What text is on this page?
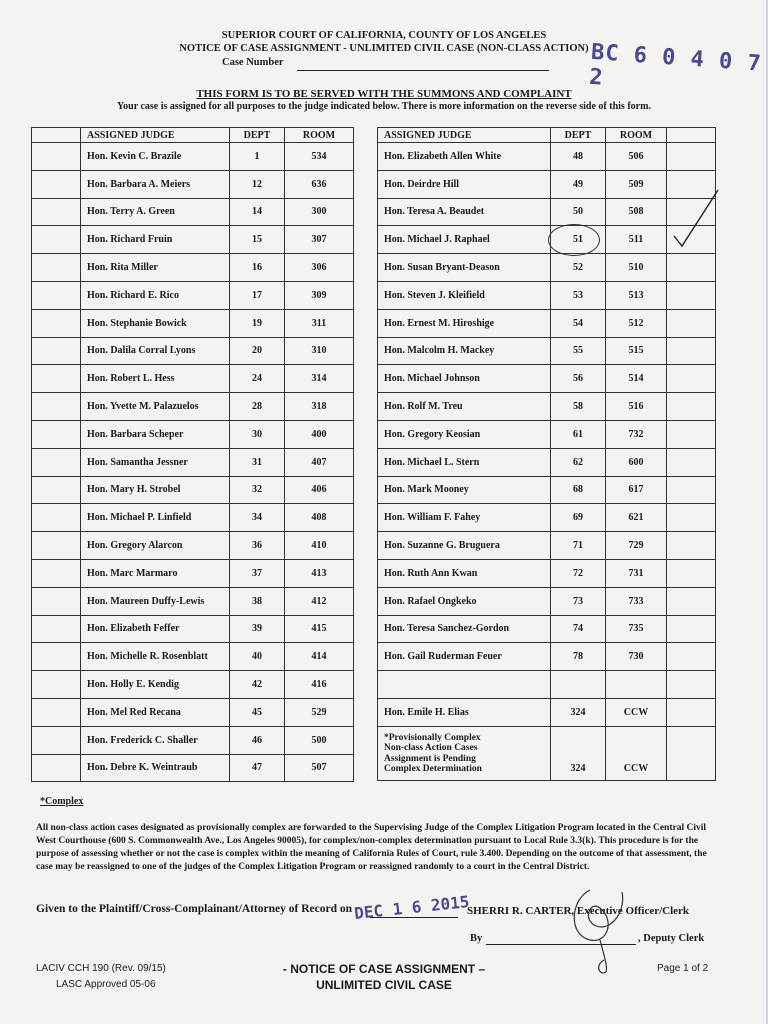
SUPERIOR COURT OF CALIFORNIA, COUNTY OF LOS ANGELES
NOTICE OF CASE ASSIGNMENT - UNLIMITED CIVIL CASE (NON-CLASS ACTION)
Case Number	BC 6 0 4 0 7 2
THIS FORM IS TO BE SERVED WITH THE SUMMONS AND COMPLAINT
Your case is assigned for all purposes to the judge indicated below. There is more information on the reverse side of this form.
	ASSIGNED JUDGE	DEPT	ROOM
	Hon. Kevin C. Brazile	1	534
	Hon. Barbara A. Meiers	12	636
	Hon. Terry A. Green	14	300
	Hon. Richard Fruin	15	307
	Hon. Rita Miller	16	306
	Hon. Richard E. Rico	17	309
	Hon. Stephanie Bowick	19	311
	Hon. Dalila Corral Lyons	20	310
	Hon. Robert L. Hess	24	314
	Hon. Yvette M. Palazuelos	28	318
	Hon. Barbara Scheper	30	400
	Hon. Samantha Jessner	31	407
	Hon. Mary H. Strobel	32	406
	Hon. Michael P. Linfield	34	408
	Hon. Gregory Alarcon	36	410
	Hon. Marc Marmaro	37	413
	Hon. Maureen Duffy-Lewis	38	412
	Hon. Elizabeth Feffer	39	415
	Hon. Michelle R. Rosenblatt	40	414
	Hon. Holly E. Kendig	42	416
	Hon. Mel Red Recana	45	529
	Hon. Frederick C. Shaller	46	500
	Hon. Debre K. Weintraub	47	507
ASSIGNED JUDGE	DEPT	ROOM	
Hon. Elizabeth Allen White	48	506	
Hon. Deirdre Hill	49	509	
Hon. Teresa A. Beaudet	50	508	
Hon. Michael J. Raphael	51	511	
Hon. Susan Bryant-Deason	52	510	
Hon. Steven J. Kleifield	53	513	
Hon. Ernest M. Hiroshige	54	512	
Hon. Malcolm H. Mackey	55	515	
Hon. Michael Johnson	56	514	
Hon. Rolf M. Treu	58	516	
Hon. Gregory Keosian	61	732	
Hon. Michael L. Stern	62	600	
Hon. Mark Mooney	68	617	
Hon. William F. Fahey	69	621	
Hon. Suzanne G. Bruguera	71	729	
Hon. Ruth Ann Kwan	72	731	
Hon. Rafael Ongkeko	73	733	
Hon. Teresa Sanchez-Gordon	74	735	
Hon. Gail Ruderman Feuer	78	730	

Hon. Emile H. Elias	324	CCW	

*Provisionally Complex
Non-class Action Cases
Assignment is Pending
Complex Determination	324	CCW	
*Complex
All non-class action cases designated as provisionally complex are forwarded to the Supervising Judge of the Complex Litigation Program located in the Central Civil West Courthouse (600 S. Commonwealth Ave., Los Angeles 90005), for complex/non-complex determination pursuant to Local Rule 3.3(k). This procedure is for the purpose of assessing whether or not the case is complex within the meaning of California Rules of Court, rule 3.400. Depending on the outcome of that assessment, the case may be reassigned to one of the judges of the Complex Litigation Program or reassigned randomly to a court in the Central District.
Given to the Plaintiff/Cross-Complainant/Attorney of Record on DEC 1 6 2015
SHERRI R. CARTER, Executive Officer/Clerk
By	, Deputy Clerk
LACIV CCH 190 (Rev. 09/15)
LASC Approved 05-06
- NOTICE OF CASE ASSIGNMENT –
UNLIMITED CIVIL CASE
Page 1 of 2
